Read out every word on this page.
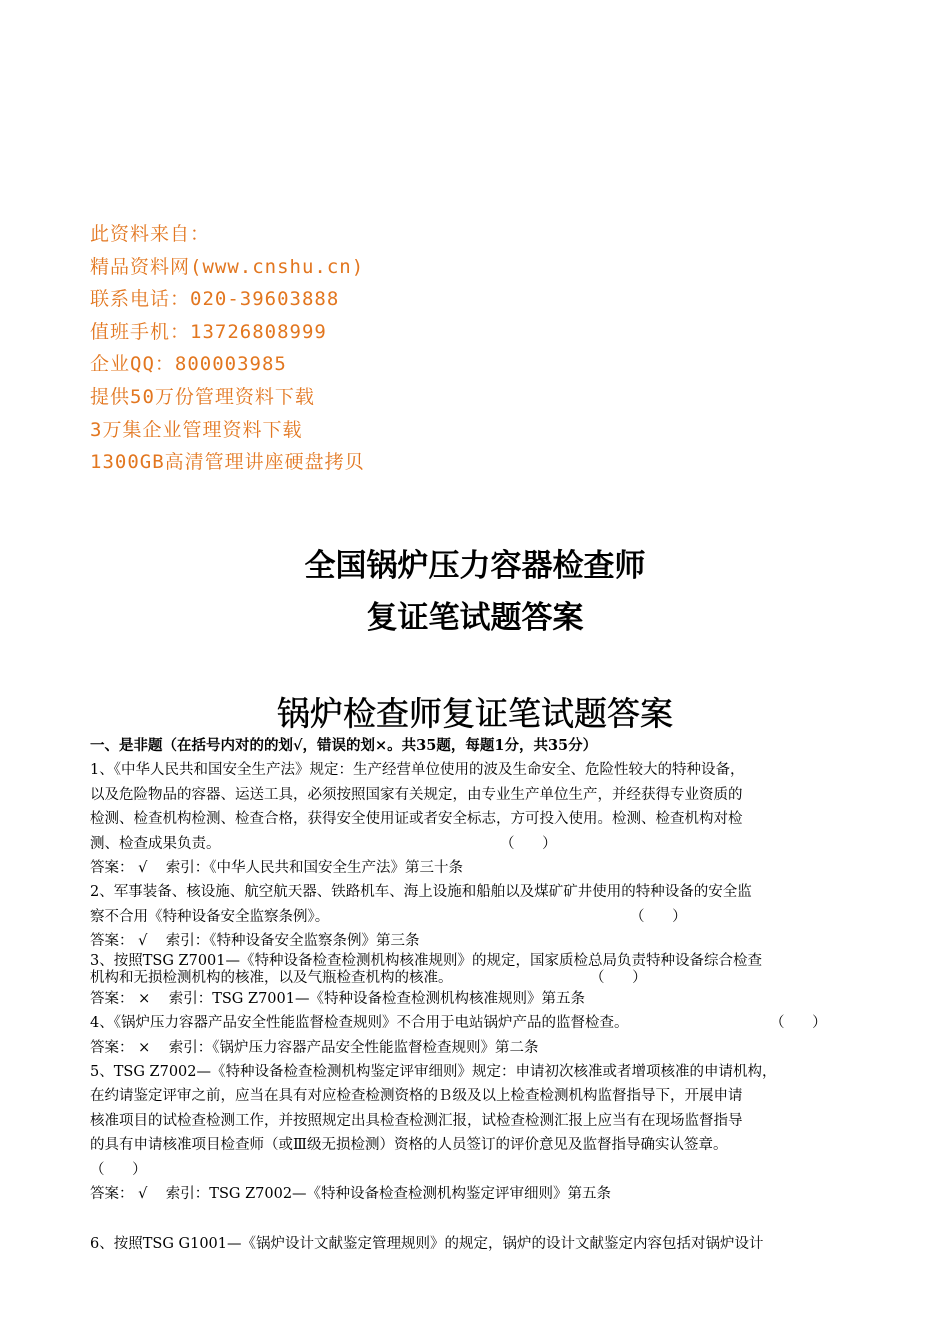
此资料来自：
精品资料网(www.cnshu.cn)
联系电话：020-39603888
值班手机：13726808999
企业QQ：800003985
提供50万份管理资料下载
3万集企业管理资料下载
1300GB高清管理讲座硬盘拷贝
全国锅炉压力容器检查师
复证笔试题答案
锅炉检查师复证笔试题答案
一、是非题（在括号内对的的划√，错误的划×。共35题，每题1分，共35分）
1、《中华人民共和国安全生产法》规定：生产经营单位使用的波及生命安全、危险性较大的特种设备，
以及危险物品的容器、运送工具，必须按照国家有关规定，由专业生产单位生产，并经获得专业资质的
检测、检查机构检测、检查合格，获得安全使用证或者安全标志，方可投入使用。检测、检查机构对检
测、检查成果负责。	（      ）
答案： √    索引：《中华人民共和国安全生产法》第三十条
2、军事装备、核设施、航空航天器、铁路机车、海上设施和船舶以及煤矿矿井使用的特种设备的安全监
察不合用《特种设备安全监察条例》。	（      ）
答案： √    索引：《特种设备安全监察条例》第三条
3、按照TSG Z7001—《特种设备检查检测机构核准规则》的规定，国家质检总局负责特种设备综合检查
机构和无损检测机构的核准，以及气瓶检查机构的核准。	（      ）
答案： ×    索引：TSG Z7001—《特种设备检查检测机构核准规则》第五条
4、《锅炉压力容器产品安全性能监督检查规则》不合用于电站锅炉产品的监督检查。	（      ）
答案： ×    索引：《锅炉压力容器产品安全性能监督检查规则》第二条
5、TSG Z7002—《特种设备检查检测机构鉴定评审细则》规定：申请初次核准或者增项核准的申请机构，
在约请鉴定评审之前，应当在具有对应检查检测资格的Ｂ级及以上检查检测机构监督指导下，开展申请
核准项目的试检查检测工作，并按照规定出具检查检测汇报，试检查检测汇报上应当有在现场监督指导
的具有申请核准项目检查师（或Ⅲ级无损检测）资格的人员签订的评价意见及监督指导确实认签章。
（      ）
答案： √    索引：TSG Z7002—《特种设备检查检测机构鉴定评审细则》第五条
6、按照TSG G1001—《锅炉设计文献鉴定管理规则》的规定，锅炉的设计文献鉴定内容包括对锅炉设计
